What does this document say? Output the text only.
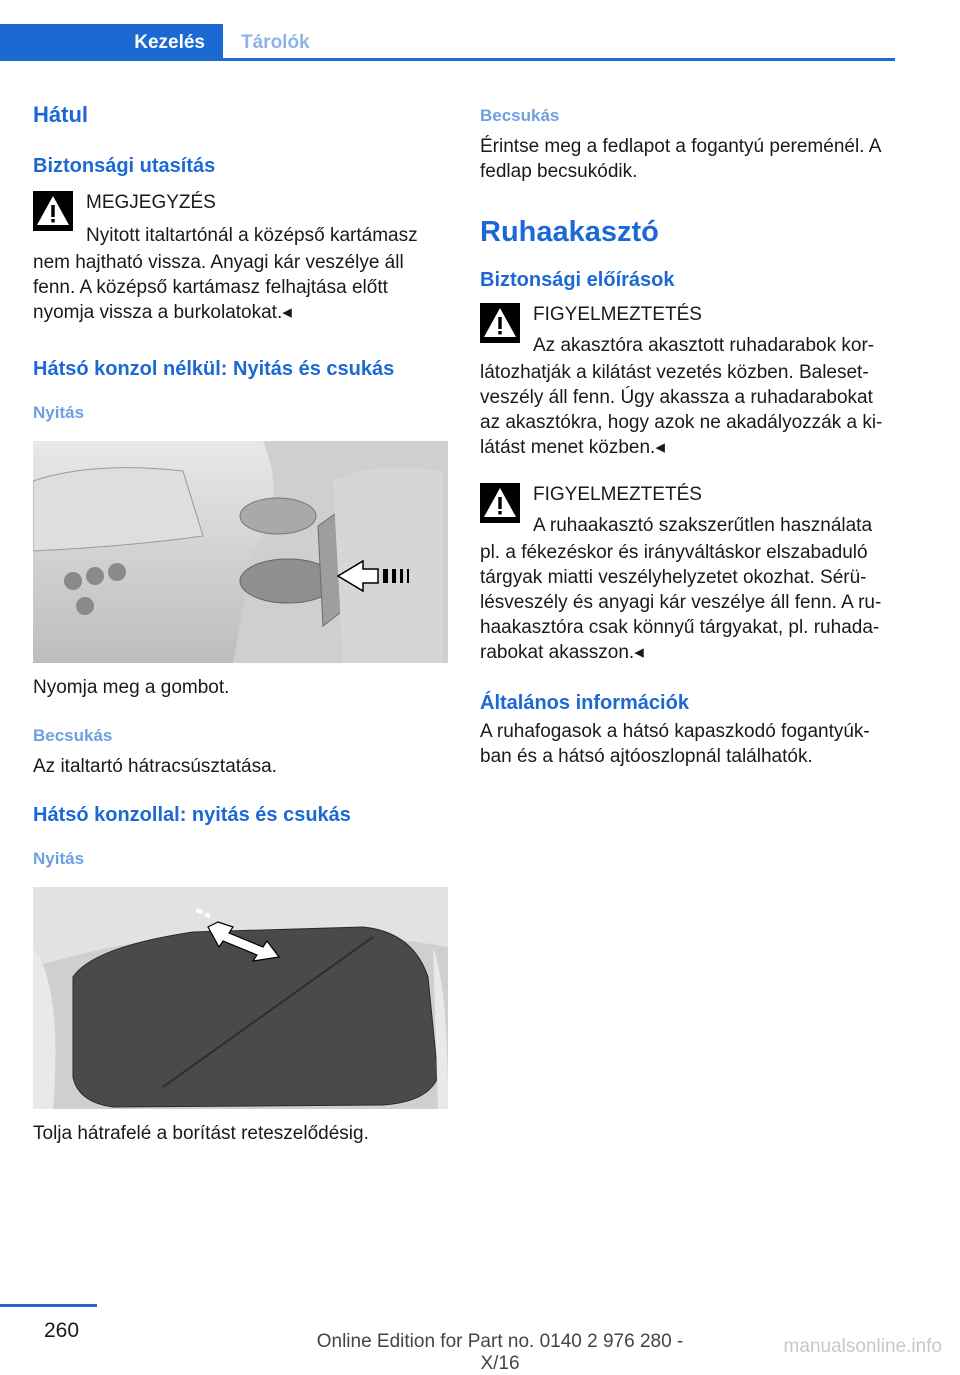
Kezelés	Tárolók
Hátul
Biztonsági utasítás
MEGJEGYZÉS

Nyitott italtartónál a középső kartámasz

nem hajtható vissza. Anyagi kár veszélye áll fenn. A középső kartámasz felhajtása előtt nyomja vissza a burkolatokat.◂

Hátsó konzol nélkül: Nyitás és csukás
Nyitás

Nyomja meg a gombot.

Becsukás

Az italtartó hátracsúsztatása.

Hátsó konzollal: nyitás és csukás
Nyitás

Tolja hátrafelé a borítást reteszelődésig.

Becsukás

Érintse meg a fedlapot a fogantyú pereménél. A fedlap becsukódik.

Ruhaakasztó
Biztonsági előírások
FIGYELMEZTETÉS

Az akasztóra akasztott ruhadarabok kor-

látozhatják a kilátást vezetés közben. Baleset-veszély áll fenn. Úgy akassza a ruhadarabokat az akasztókra, hogy azok ne akadályozzák a ki-látást menet közben.◂

FIGYELMEZTETÉS

A ruhaakasztó szakszerűtlen használata

pl. a fékezéskor és irányváltáskor elszabaduló tárgyak miatti veszélyhelyzetet okozhat. Sérü-lésveszély és anyagi kár veszélye áll fenn. A ru-haakasztóra csak könnyű tárgyakat, pl. ruhada-rabokat akasszon.◂

Általános információk

A ruhafogasok a hátsó kapaszkodó fogantyúk-ban és a hátsó ajtóoszlopnál találhatók.

260	Online Edition for Part no. 0140 2 976 280 - X/16
manualsonline.info
